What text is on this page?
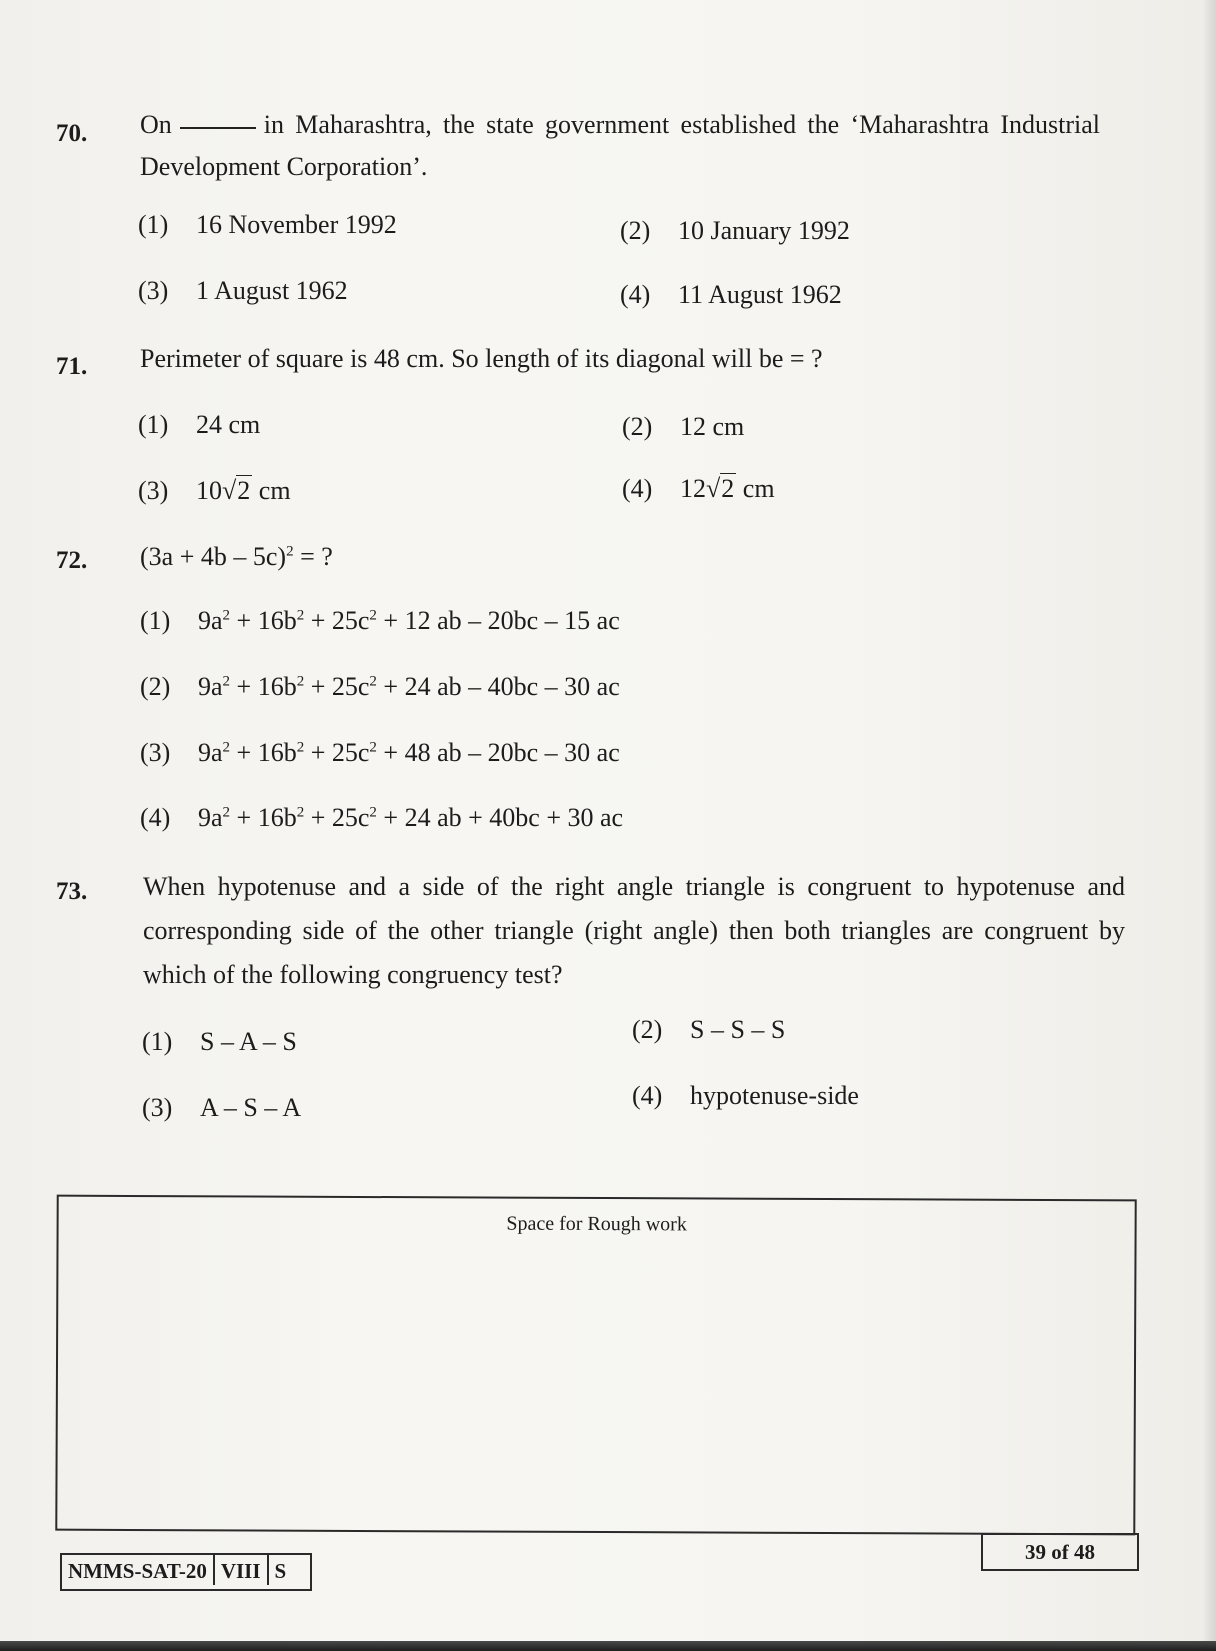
70. On	in Maharashtra, the state government established the ‘Maharashtra Industrial Development Corporation’.
(1) 16 November 1992	(2) 10 January 1992
(3) 1 August 1962	(4) 11 August 1962
71. Perimeter of square is 48 cm. So length of its diagonal will be = ?
(1) 24 cm	(2) 12 cm
(3) 10√2 cm	(4) 12√2 cm
72. $(3a + 4b - 5c)^2$ = ?
(1) $9a^2 + 16b^2 + 25c^2 + 12$ ab – 20bc – 15 ac
(2) $9a^2 + 16b^2 + 25c^2 + 24$ ab – 40bc – 30 ac
(3) $9a^2 + 16b^2 + 25c^2 + 48$ ab – 20bc – 30 ac
(4) $9a^2 + 16b^2 + 25c^2 + 24$ ab + 40bc + 30 ac
73. When hypotenuse and a side of the right angle triangle is congruent to hypotenuse and corresponding side of the other triangle (right angle) then both triangles are congruent by which of the following congruency test?
(1) S – A – S	(2) S – S – S
(3) A – S – A	(4) hypotenuse-side
Space for Rough work
NMMS-SAT-20 VIII S
39 of 48
